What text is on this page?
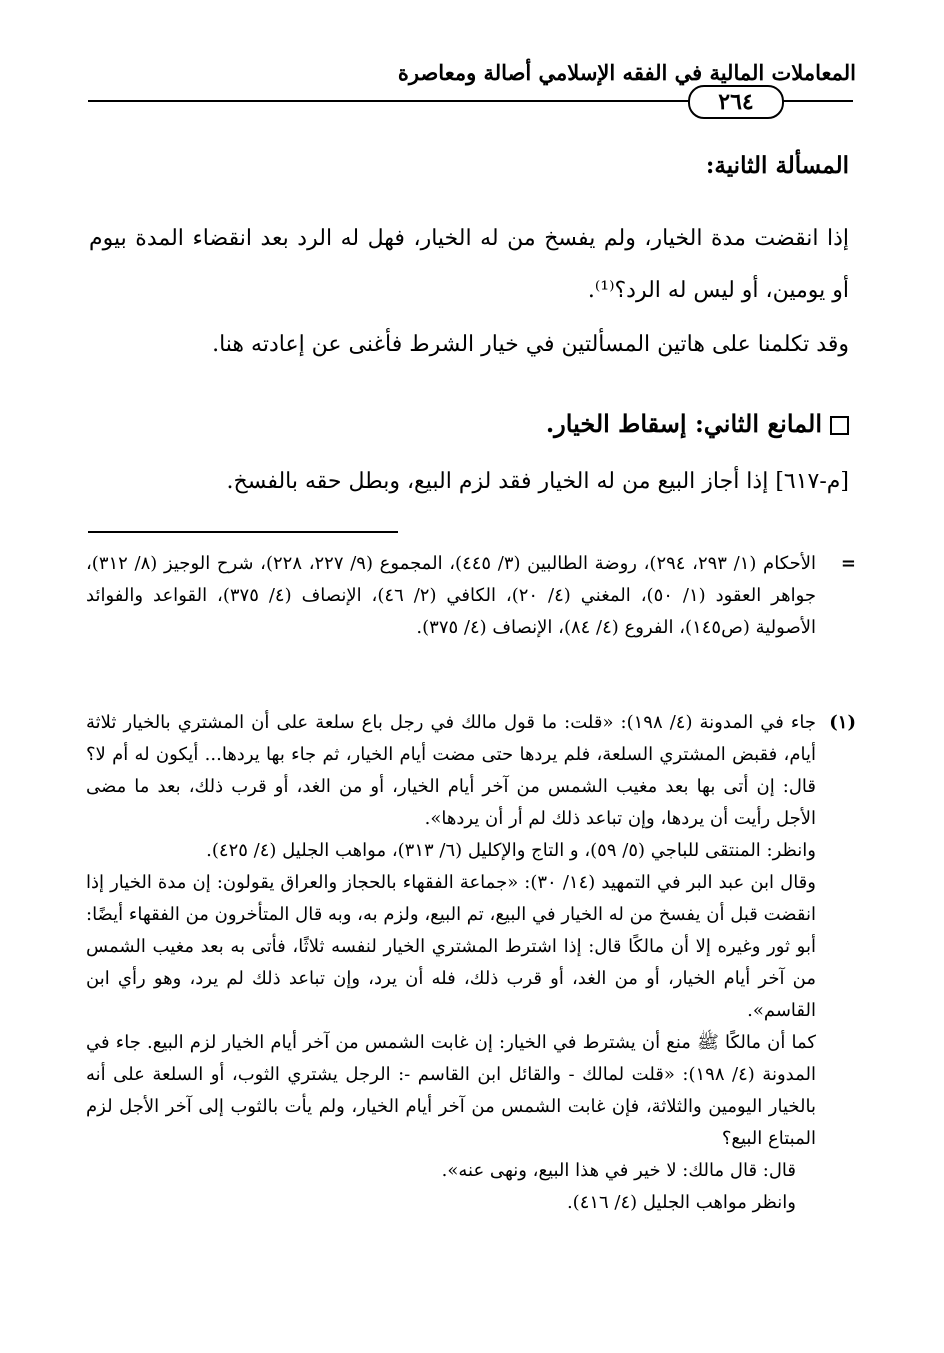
المعاملات المالية في الفقه الإسلامي أصالة ومعاصرة
٢٦٤
المسألة الثانية:
إذا انقضت مدة الخيار، ولم يفسخ من له الخيار، فهل له الرد بعد انقضاء المدة بيوم أو يومين، أو ليس له الرد؟⁽¹⁾.
وقد تكلمنا على هاتين المسألتين في خيار الشرط فأغنى عن إعادته هنا.
المانع الثاني: إسقاط الخيار.
[م-٦١٧] إذا أجاز البيع من له الخيار فقد لزم البيع، وبطل حقه بالفسخ.
=
الأحكام (١/ ٢٩٣، ٢٩٤)، روضة الطالبين (٣/ ٤٤٥)، المجموع (٩/ ٢٢٧، ٢٢٨)، شرح الوجيز (٨/ ٣١٢)، جواهر العقود (١/ ٥٠)، المغني (٤/ ٢٠)، الكافي (٢/ ٤٦)، الإنصاف (٤/ ٣٧٥)، القواعد والفوائد الأصولية (ص١٤٥)، الفروع (٤/ ٨٤)، الإنصاف (٤/ ٣٧٥).
(١)
جاء في المدونة (٤/ ١٩٨): «قلت: ما قول مالك في رجل باع سلعة على أن المشتري بالخيار ثلاثة أيام، فقبض المشتري السلعة، فلم يردها حتى مضت أيام الخيار، ثم جاء بها يردها... أيكون له أم لا؟ قال: إن أتى بها بعد مغيب الشمس من آخر أيام الخيار، أو من الغد، أو قرب ذلك، بعد ما مضى الأجل رأيت أن يردها، وإن تباعد ذلك لم أر أن يردها».
وانظر: المنتقى للباجي (٥/ ٥٩)، و التاج والإكليل (٦/ ٣١٣)، مواهب الجليل (٤/ ٤٢٥).
وقال ابن عبد البر في التمهيد (١٤/ ٣٠): «جماعة الفقهاء بالحجاز والعراق يقولون: إن مدة الخيار إذا انقضت قبل أن يفسخ من له الخيار في البيع، تم البيع، ولزم به، وبه قال المتأخرون من الفقهاء أيضًا: أبو ثور وغيره إلا أن مالكًا قال: إذا اشترط المشتري الخيار لنفسه ثلاثًا، فأتى به بعد مغيب الشمس من آخر أيام الخيار، أو من الغد، أو قرب ذلك، فله أن يرد، وإن تباعد ذلك لم يرد، وهو رأي ابن القاسم».
كما أن مالكًا ﷺ منع أن يشترط في الخيار: إن غابت الشمس من آخر أيام الخيار لزم البيع. جاء في المدونة (٤/ ١٩٨): «قلت لمالك - والقائل ابن القاسم -: الرجل يشتري الثوب، أو السلعة على أنه بالخيار اليومين والثلاثة، فإن غابت الشمس من آخر أيام الخيار، ولم يأت بالثوب إلى آخر الأجل لزم المبتاع البيع؟
قال: قال مالك: لا خير في هذا البيع، ونهى عنه».
وانظر مواهب الجليل (٤/ ٤١٦).
